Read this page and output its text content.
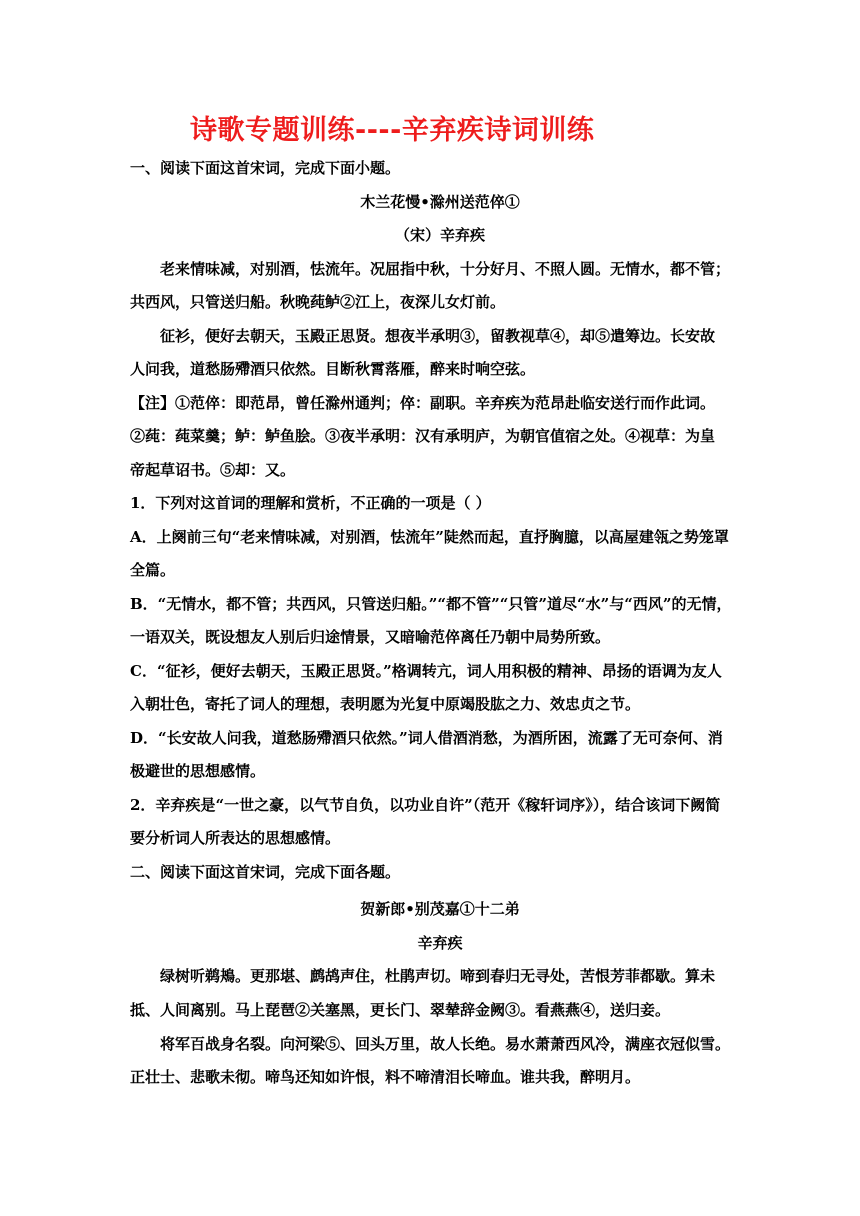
诗歌专题训练----辛弃疾诗词训练
一、阅读下面这首宋词，完成下面小题。
木兰花慢•滁州送范倅①
（宋）辛弃疾
老来情味减，对别酒，怯流年。况屈指中秋，十分好月、不照人圆。无情水，都不管；
共西风，只管送归船。秋晚莼鲈②江上，夜深儿女灯前。
征衫，便好去朝天，玉殿正思贤。想夜半承明③，留教视草④，却⑤遣筹边。长安故
人问我，道愁肠殢酒只依然。目断秋霄落雁，醉来时响空弦。
【注】①范倅：即范昂，曾任滁州通判；倅：副职。辛弃疾为范昂赴临安送行而作此词。
②莼：莼菜羹；鲈：鲈鱼脍。③夜半承明：汉有承明庐，为朝官值宿之处。④视草：为皇
帝起草诏书。⑤却：又。
1．下列对这首词的理解和赏析，不正确的一项是（ ）
A．上阕前三句“老来情味减，对别酒，怯流年”陡然而起，直抒胸臆，以高屋建瓴之势笼罩
全篇。
B．“无情水，都不管；共西风，只管送归船。”“都不管”“只管”道尽“水”与“西风”的无情，
一语双关，既设想友人别后归途情景，又暗喻范倅离任乃朝中局势所致。
C．“征衫，便好去朝天，玉殿正思贤。”格调转亢，词人用积极的精神、昂扬的语调为友人
入朝壮色，寄托了词人的理想，表明愿为光复中原竭股肱之力、效忠贞之节。
D．“长安故人问我，道愁肠殢酒只依然。”词人借酒消愁，为酒所困，流露了无可奈何、消
极避世的思想感情。
2．辛弃疾是“一世之豪，以气节自负，以功业自许”（范开《稼轩词序》），结合该词下阙简
要分析词人所表达的思想感情。
二、阅读下面这首宋词，完成下面各题。
贺新郎•别茂嘉①十二弟
辛弃疾
绿树听鹈鴂。更那堪、鹧鸪声住，杜鹃声切。啼到春归无寻处，苦恨芳菲都歇。算未
抵、人间离别。马上琵琶②关塞黑，更长门、翠辇辞金阙③。看燕燕④，送归妾。
将军百战身名裂。向河梁⑤、回头万里，故人长绝。易水萧萧西风冷，满座衣冠似雪。
正壮士、悲歌未彻。啼鸟还知如许恨，料不啼清泪长啼血。谁共我，醉明月。
